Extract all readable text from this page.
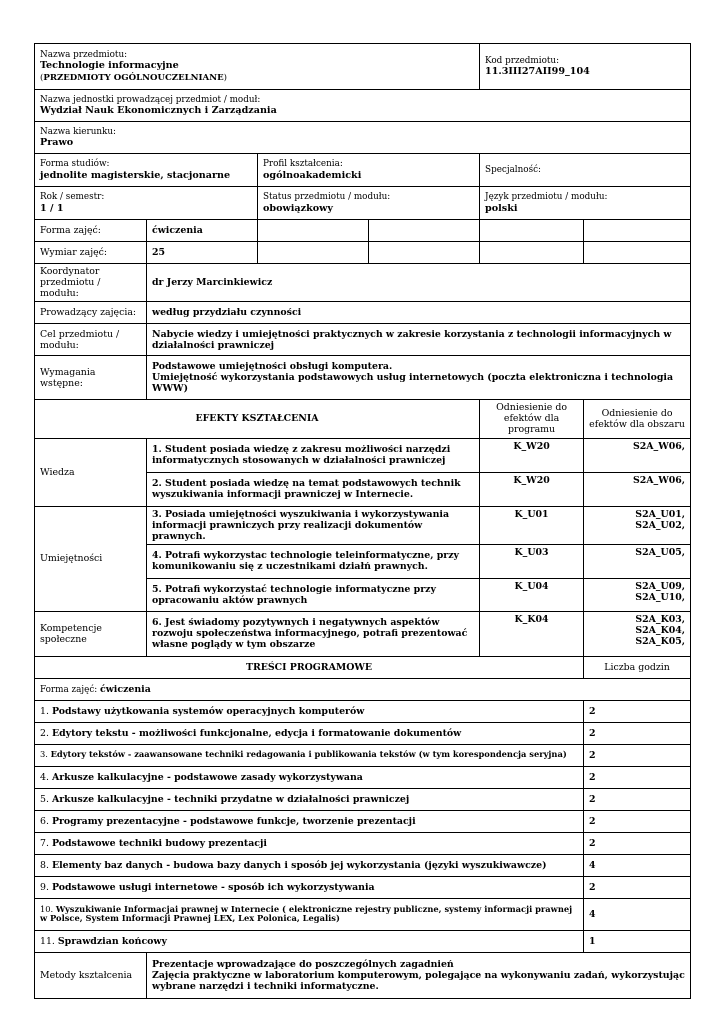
Nazwa przedmiotu:
Technologie informacyjne
(PRZEDMIOTY OGÓLNOUCZELNIANE)				Kod przedmiotu:
11.3III27AII99_104	

Nazwa jednostki prowadzącej przedmiot / moduł:
Wydział Nauk Ekonomicznych i Zarządzania					

Nazwa kierunku:
Prawo					

Forma studiów:
jednolite magisterskie, stacjonarne		Profil kształcenia:
ogólnoakademicki		Specjalność:	

Rok / semestr:
1 / 1		Status przedmiotu / modułu:
obowiązkowy		Język przedmiotu / modułu:
polski	

Forma zajęć:	ćwiczenia				
Wymiar zajęć:	25				
Koordynator przedmiotu / modułu:	dr Jerzy Marcinkiewicz				
Prowadzący zajęcia:	według przydziału czynności				
Cel przedmiotu / modułu:	Nabycie wiedzy i umiejętności praktycznych w zakresie korzystania z technologii informacyjnych w działalności prawniczej				
Wymagania wstępne:	Podstawowe umiejętności obsługi komputera.
Umiejętność wykorzystania podstawowych usług internetowych (poczta elektroniczna i technologia WWW)				

EFEKTY KSZTAŁCENIA				Odniesienie do efektów dla programu	Odniesienie do efektów dla obszaru
Wiedza	1. Student posiada wiedzę z zakresu możliwości narzędzi informatycznych stosowanych w działalności prawniczej			K_W20	S2A_W06,
	2. Student posiada wiedzę na temat podstawowych technik wyszukiwania informacji prawniczej w Internecie.			K_W20	S2A_W06,
Umiejętności	3. Posiada umiejętności wyszukiwania i wykorzystywania informacji prawniczych przy realizacji dokumentów prawnych.			K_U01	S2A_U01, S2A_U02,
	4. Potrafi wykorzystac technologie teleinformatyczne, przy komunikowaniu się z uczestnikami działń prawnych.			K_U03	S2A_U05,
	5. Potrafi wykorzystać technologie informatyczne przy opracowaniu aktów prawnych			K_U04	S2A_U09, S2A_U10,
Kompetencje społeczne	6. Jest świadomy pozytywnych i negatywnych aspektów rozwoju społeczeństwa informacyjnego, potrafi prezentować własne poglądy w tym obszarze			K_K04	S2A_K03, S2A_K04, S2A_K05,
TREŚCI PROGRAMOWE					Liczba godzin
Forma zajęć: ćwiczenia					
1. Podstawy użytkowania systemów operacyjnych komputerów					2
2. Edytory tekstu - możliwości funkcjonalne, edycja i formatowanie dokumentów					2
3. Edytory tekstów - zaawansowane techniki redagowania i publikowania tekstów (w tym korespondencja seryjna)					2
4. Arkusze kalkulacyjne - podstawowe zasady wykorzystywana					2
5. Arkusze kalkulacyjne - techniki przydatne w działalności prawniczej					2
6. Programy prezentacyjne - podstawowe funkcje, tworzenie prezentacji					2
7. Podstawowe techniki budowy prezentacji					2
8. Elementy baz danych - budowa bazy danych i sposób jej wykorzystania (języki wyszukiwawcze)					4
9. Podstawowe usługi internetowe - sposób ich wykorzystywania					2
10. Wyszukiwanie Informacjai prawnej w Internecie ( elektroniczne rejestry publiczne, systemy informacji prawnej w Polsce, System Informacji Prawnej LEX, Lex Polonica, Legalis)					4
11. Sprawdzian końcowy					1
Metody kształcenia	Prezentacje wprowadzające do poszczególnych zagadnień
Zajęcia praktyczne w laboratorium komputerowym, polegające na wykonywaniu zadań, wykorzystując wybrane narzędzi i techniki informatyczne.				
